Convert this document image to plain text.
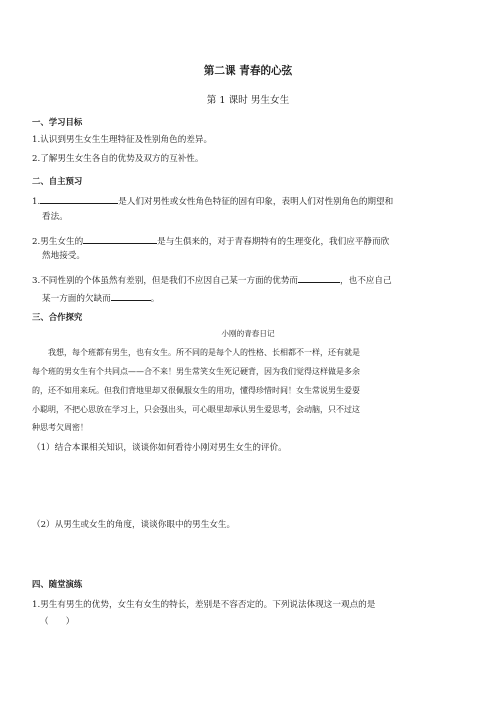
第二课 青春的心弦
第 1 课时 男生女生
一、学习目标
1.认识到男生女生生理特征及性别角色的差异。
2.了解男生女生各自的优势及双方的互补性。
二、自主预习
1.	是人们对男性或女性角色特征的固有印象，表明人们对性别角色的期望和
看法。
2.男生女生的	是与生俱来的，对于青春期特有的生理变化，我们应平静而欣
然地接受。
3.不同性别的个体虽然有差别，但是我们不应因自己某一方面的优势而	，也不应自己
某一方面的欠缺而	。
三、合作探究
小刚的青春日记
我想，每个班都有男生，也有女生。所不同的是每个人的性格、长相都不一样，还有就是
每个班的男女生有个共同点——合不来！男生常笑女生死记硬背，因为我们觉得这样做是多余
的，还不如用来玩。但我们背地里却又很佩服女生的用功，懂得珍惜时间！女生常说男生爱耍
小聪明，不把心思放在学习上，只会强出头，可心眼里却承认男生爱思考，会动脑，只不过这
种思考欠周密！
（1）结合本课相关知识，谈谈你如何看待小刚对男生女生的评价。
（2）从男生或女生的角度，谈谈你眼中的男生女生。
四、随堂演练
1.男生有男生的优势，女生有女生的特长，差别是不容否定的。下列说法体现这一观点的是
（　　）
